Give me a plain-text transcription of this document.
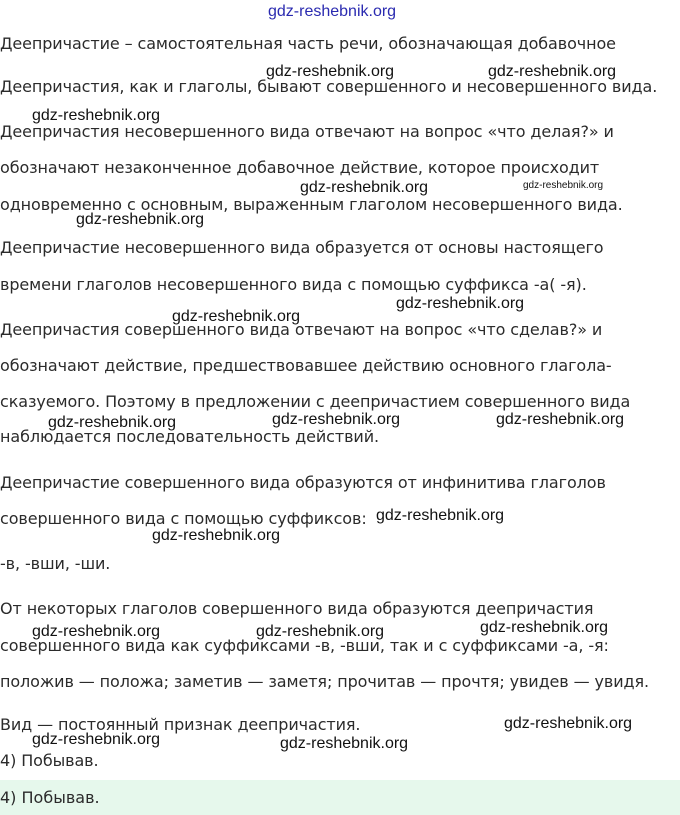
Деепричастие – самостоятельная часть речи, обозначающая добавочное
Деепричастия, как и глаголы, бывают совершенного и несовершенного вида.
Деепричастия несовершенного вида отвечают на вопрос «что делая?» и
обозначают незаконченное добавочное действие, которое происходит
одновременно с основным, выраженным глаголом несовершенного вида.
Деепричастие несовершенного вида образуется от основы настоящего
времени глаголов несовершенного вида с помощью суффикса -а( -я).
Деепричастия совершенного вида отвечают на вопрос «что сделав?» и
обозначают действие, предшествовавшее действию основного глагола-
сказуемого. Поэтому в предложении с деепричастием совершенного вида
наблюдается последовательность действий.
Деепричастие совершенного вида образуются от инфинитива глаголов
совершенного вида с помощью суффиксов:
-в, -вши, -ши.
От некоторых глаголов совершенного вида образуются деепричастия
совершенного вида как суффиксами -в, -вши, так и с суффиксами -а, -я:
положив — положа; заметив — заметя; прочитав — прочтя; увидев — увидя.
Вид — постоянный признак деепричастия.
4) Побывав.
gdz-reshebnik.org
gdz-reshebnik.org	gdz-reshebnik.org
gdz-reshebnik.org
gdz-reshebnik.org	gdz-reshebnik.org
gdz-reshebnik.org
gdz-reshebnik.org
gdz-reshebnik.org
gdz-reshebnik.org	gdz-reshebnik.org	gdz-reshebnik.org
gdz-reshebnik.org
gdz-reshebnik.org
gdz-reshebnik.org
gdz-reshebnik.org	gdz-reshebnik.org
gdz-reshebnik.org
gdz-reshebnik.org	gdz-reshebnik.org
4) Побывав.
